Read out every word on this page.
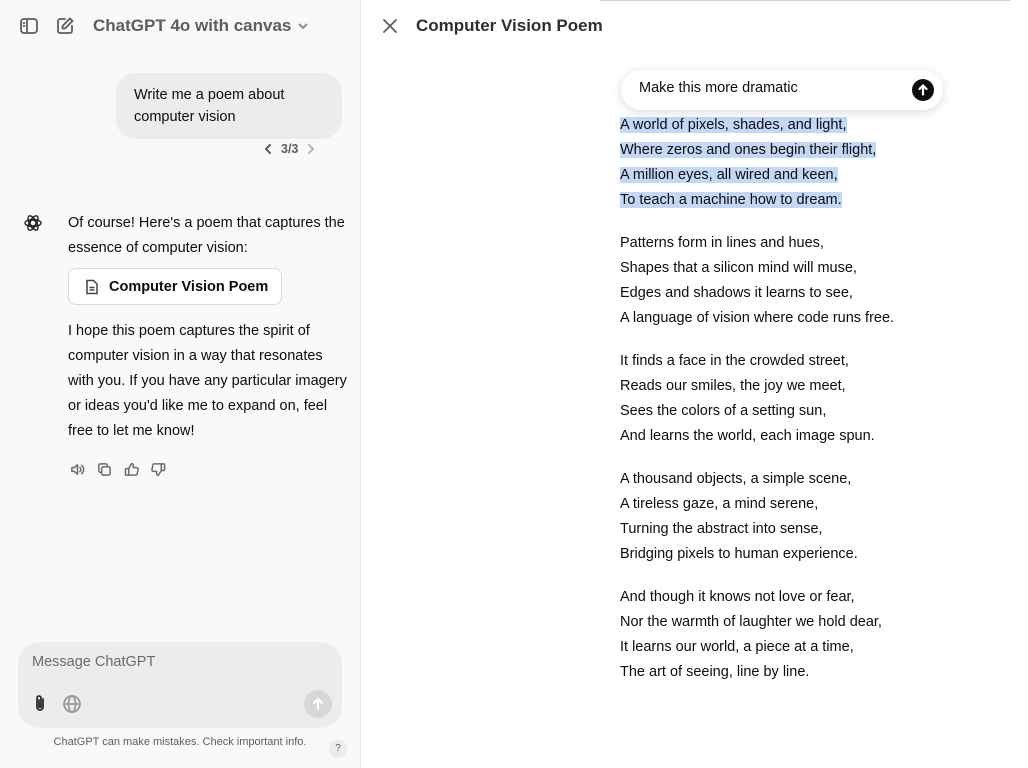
ChatGPT 4o with canvas
Write me a poem about computer vision
3/3
Of course! Here's a poem that captures the essence of computer vision:
Computer Vision Poem
I hope this poem captures the spirit of computer vision in a way that resonates with you. If you have any particular imagery or ideas you'd like me to expand on, feel free to let me know!
Message ChatGPT
ChatGPT can make mistakes. Check important info.
?
Computer Vision Poem
A world of pixels, shades, and light,
Where zeros and ones begin their flight,
A million eyes, all wired and keen,
To teach a machine how to dream.
Patterns form in lines and hues,
Shapes that a silicon mind will muse,
Edges and shadows it learns to see,
A language of vision where code runs free.
It finds a face in the crowded street,
Reads our smiles, the joy we meet,
Sees the colors of a setting sun,
And learns the world, each image spun.
A thousand objects, a simple scene,
A tireless gaze, a mind serene,
Turning the abstract into sense,
Bridging pixels to human experience.
And though it knows not love or fear,
Nor the warmth of laughter we hold dear,
It learns our world, a piece at a time,
The art of seeing, line by line.
Make this more dramatic
